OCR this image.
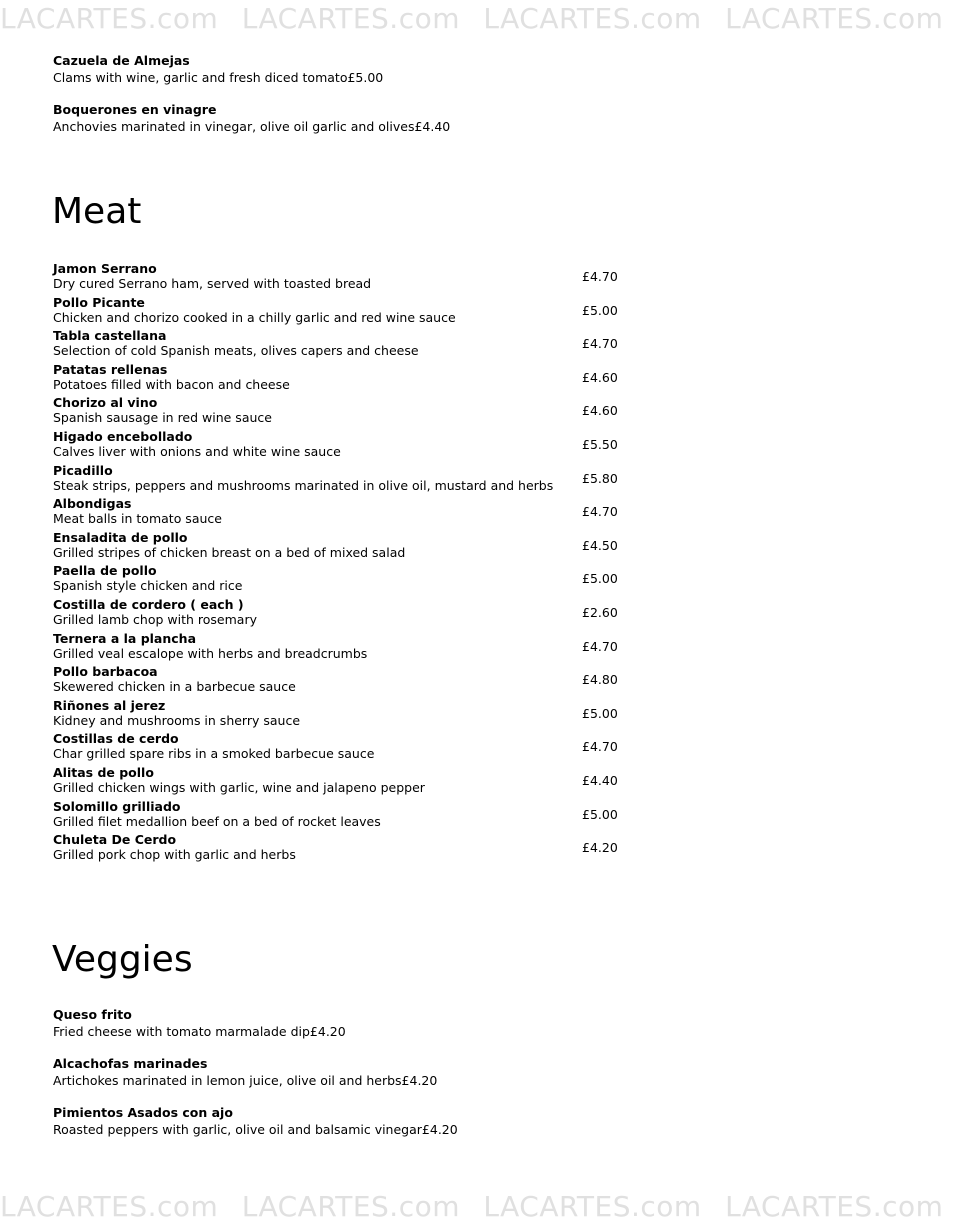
LACARTES.com LACARTES.com LACARTES.com LACARTES.com
Cazuela de Almejas
Clams with wine, garlic and fresh diced tomato£5.00
Boquerones en vinagre
Anchovies marinated in vinegar, olive oil garlic and olives£4.40
Meat
Jamon Serrano
Dry cured Serrano ham, served with toasted bread	£4.70
Pollo Picante
Chicken and chorizo cooked in a chilly garlic and red wine sauce	£5.00
Tabla castellana
Selection of cold Spanish meats, olives capers and cheese	£4.70
Patatas rellenas
Potatoes filled with bacon and cheese	£4.60
Chorizo al vino
Spanish sausage in red wine sauce	£4.60
Higado encebollado
Calves liver with onions and white wine sauce	£5.50
Picadillo
Steak strips, peppers and mushrooms marinated in olive oil, mustard and herbs	£5.80
Albondigas
Meat balls in tomato sauce	£4.70
Ensaladita de pollo
Grilled stripes of chicken breast on a bed of mixed salad	£4.50
Paella de pollo
Spanish style chicken and rice	£5.00
Costilla de cordero ( each )
Grilled lamb chop with rosemary	£2.60
Ternera a la plancha
Grilled veal escalope with herbs and breadcrumbs	£4.70
Pollo barbacoa
Skewered chicken in a barbecue sauce	£4.80
Riñones al jerez
Kidney and mushrooms in sherry sauce	£5.00
Costillas de cerdo
Char grilled spare ribs in a smoked barbecue sauce	£4.70
Alitas de pollo
Grilled chicken wings with garlic, wine and jalapeno pepper	£4.40
Solomillo grilliado
Grilled filet medallion beef on a bed of rocket leaves	£5.00
Chuleta De Cerdo
Grilled pork chop with garlic and herbs	£4.20
Veggies
Queso frito
Fried cheese with tomato marmalade dip£4.20
Alcachofas marinades
Artichokes marinated in lemon juice, olive oil and herbs£4.20
Pimientos Asados con ajo
Roasted peppers with garlic, olive oil and balsamic vinegar£4.20
LACARTES.com LACARTES.com LACARTES.com LACARTES.com
